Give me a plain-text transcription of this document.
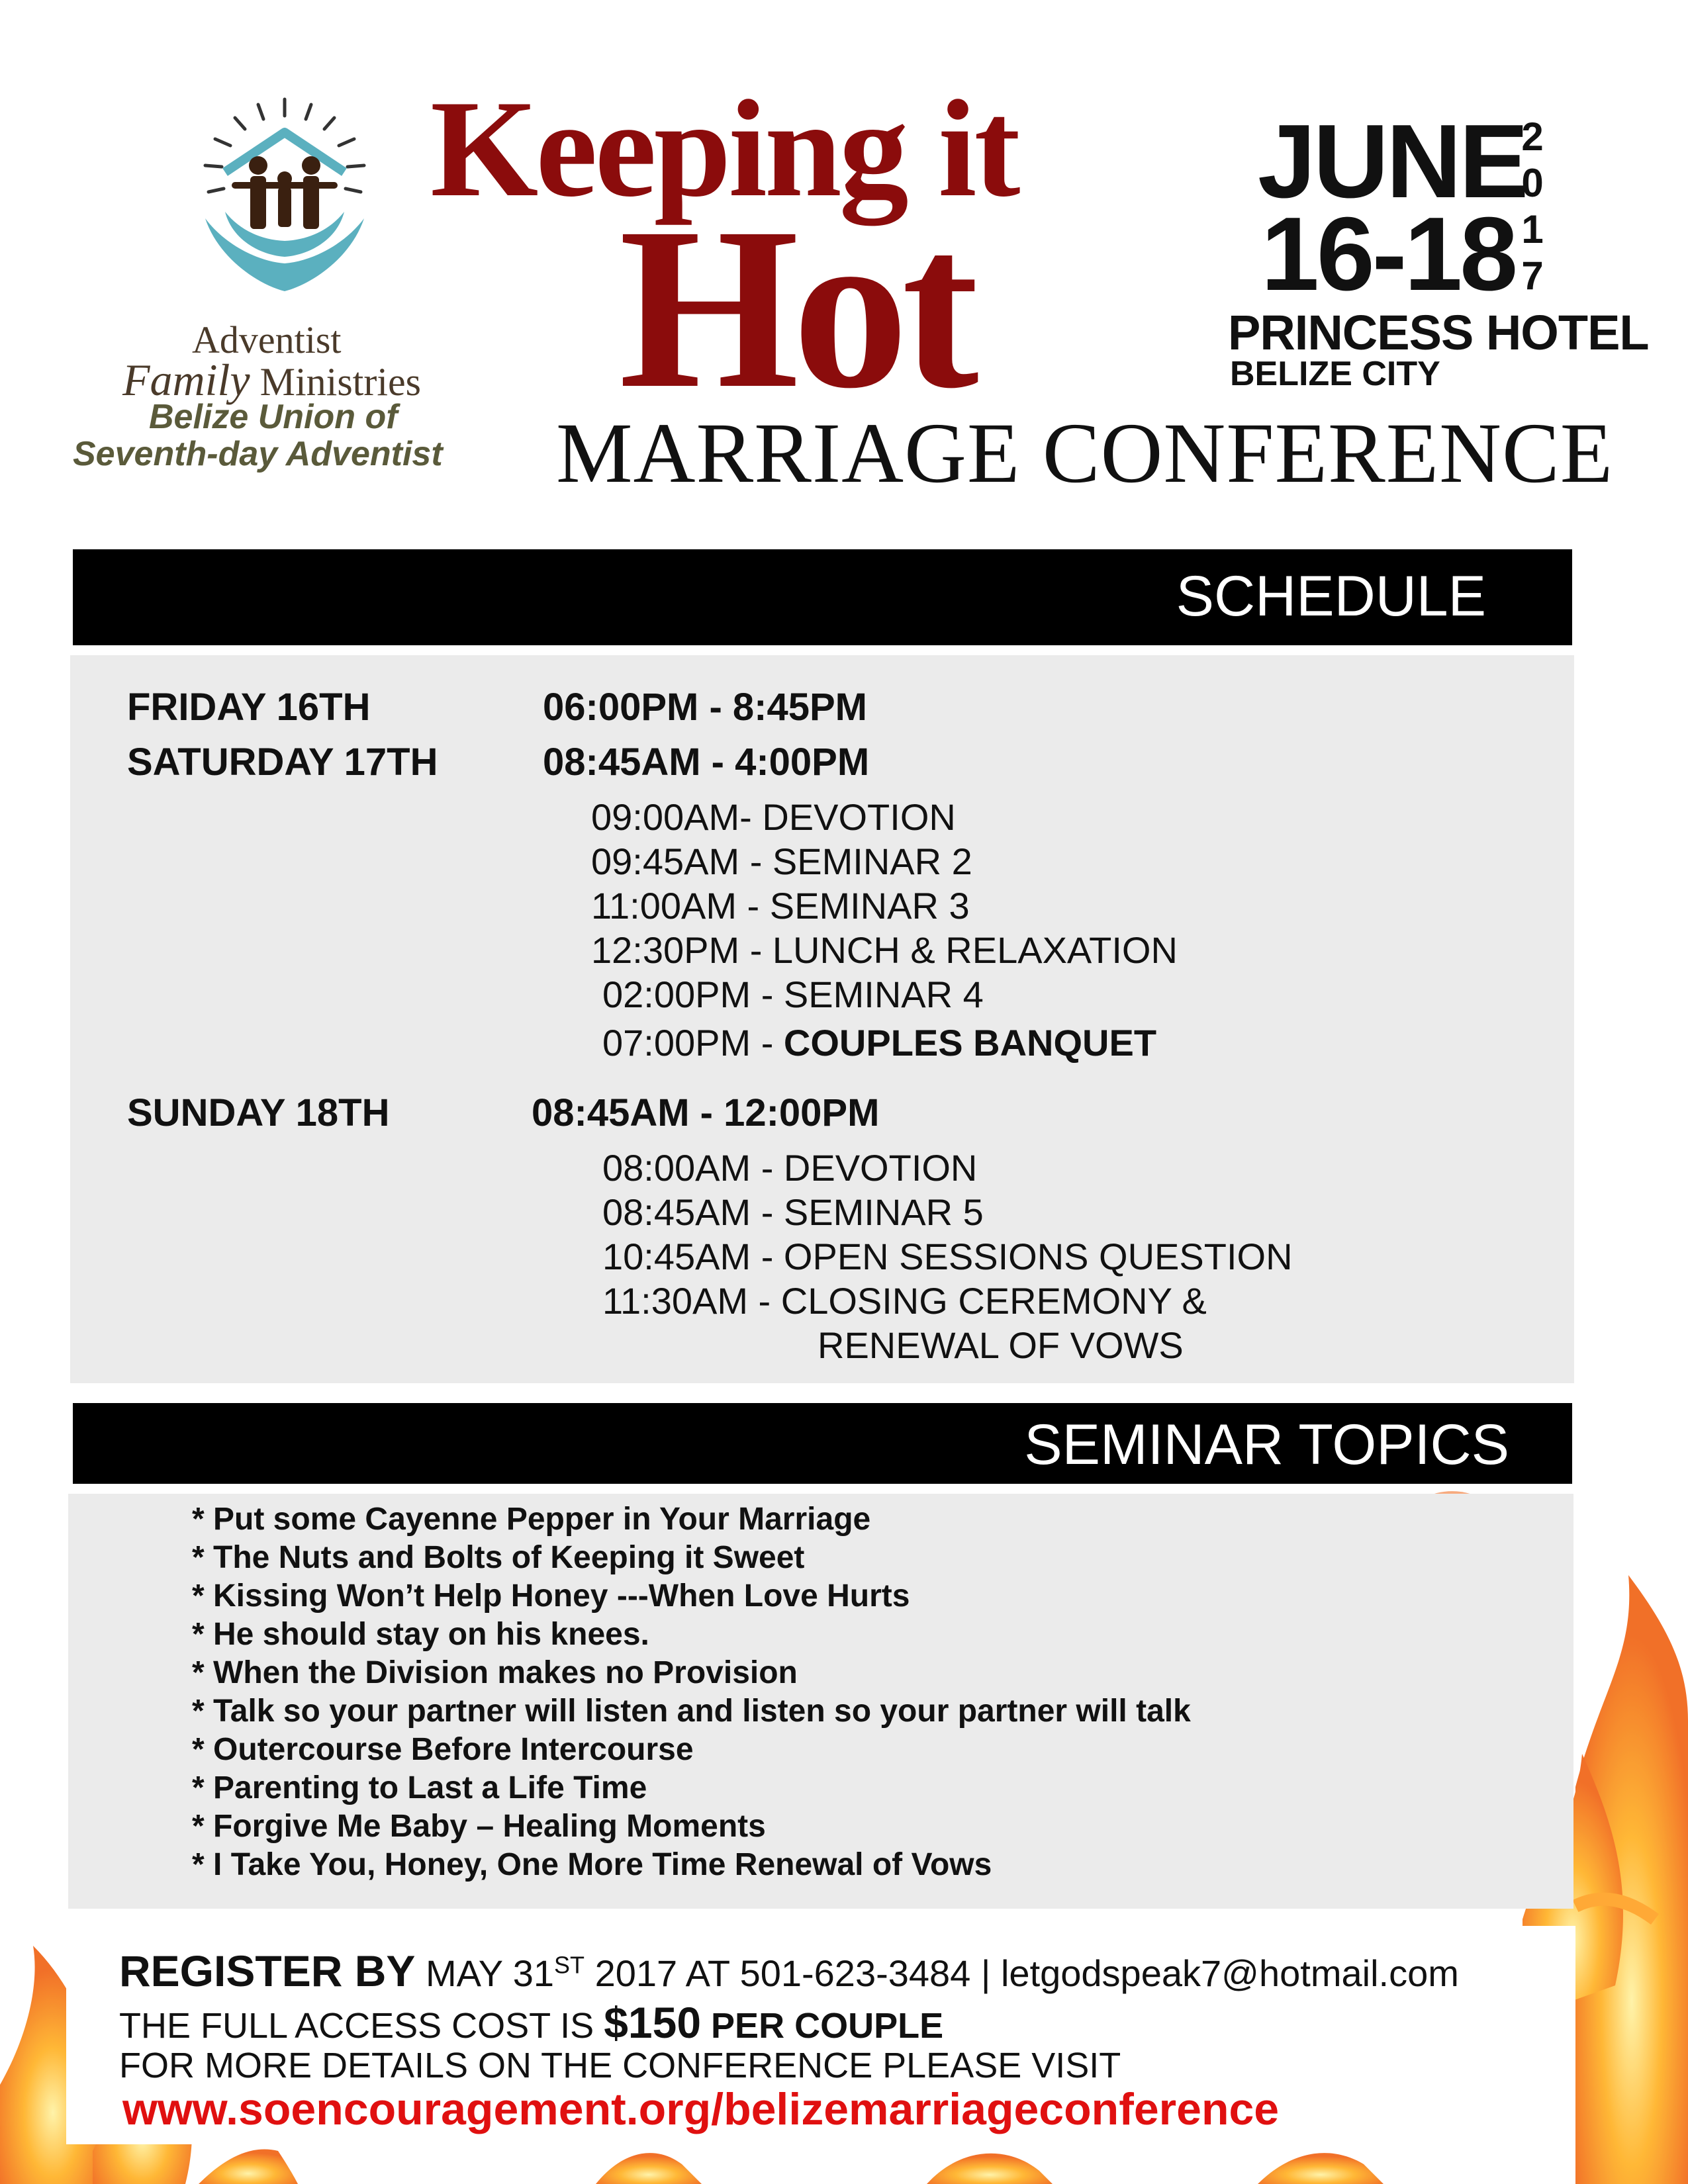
Adventist
Family Ministries
Belize Union of
Seventh-day Adventist
Keeping it
Hot
MARRIAGE CONFERENCE
JUNE
16-18
2
0
1
7
PRINCESS HOTEL
BELIZE CITY
SCHEDULE
FRIDAY 16TH	06:00PM - 8:45PM
SATURDAY 17TH	08:45AM - 4:00PM
09:00AM- DEVOTION
09:45AM - SEMINAR 2
11:00AM - SEMINAR 3
12:30PM - LUNCH & RELAXATION
02:00PM - SEMINAR 4
07:00PM - COUPLES BANQUET
SUNDAY 18TH	08:45AM - 12:00PM
08:00AM - DEVOTION
08:45AM - SEMINAR 5
10:45AM - OPEN SESSIONS QUESTION
11:30AM - CLOSING CEREMONY &
RENEWAL OF VOWS
SEMINAR TOPICS
* Put some Cayenne Pepper in Your Marriage
* The Nuts and Bolts of Keeping it Sweet
* Kissing Won’t Help Honey ---When Love Hurts
* He should stay on his knees.
* When the Division makes no Provision
* Talk so your partner will listen and listen so your partner will talk
* Outercourse Before Intercourse
* Parenting to Last a Life Time
* Forgive Me Baby – Healing Moments
* I Take You, Honey, One More Time Renewal of Vows
REGISTER BY MAY 31ST 2017 AT 501-623-3484 | letgodspeak7@hotmail.com
THE FULL ACCESS COST IS $150 PER COUPLE
FOR MORE DETAILS ON THE CONFERENCE PLEASE VISIT
www.soencouragement.org/belizemarriageconference
